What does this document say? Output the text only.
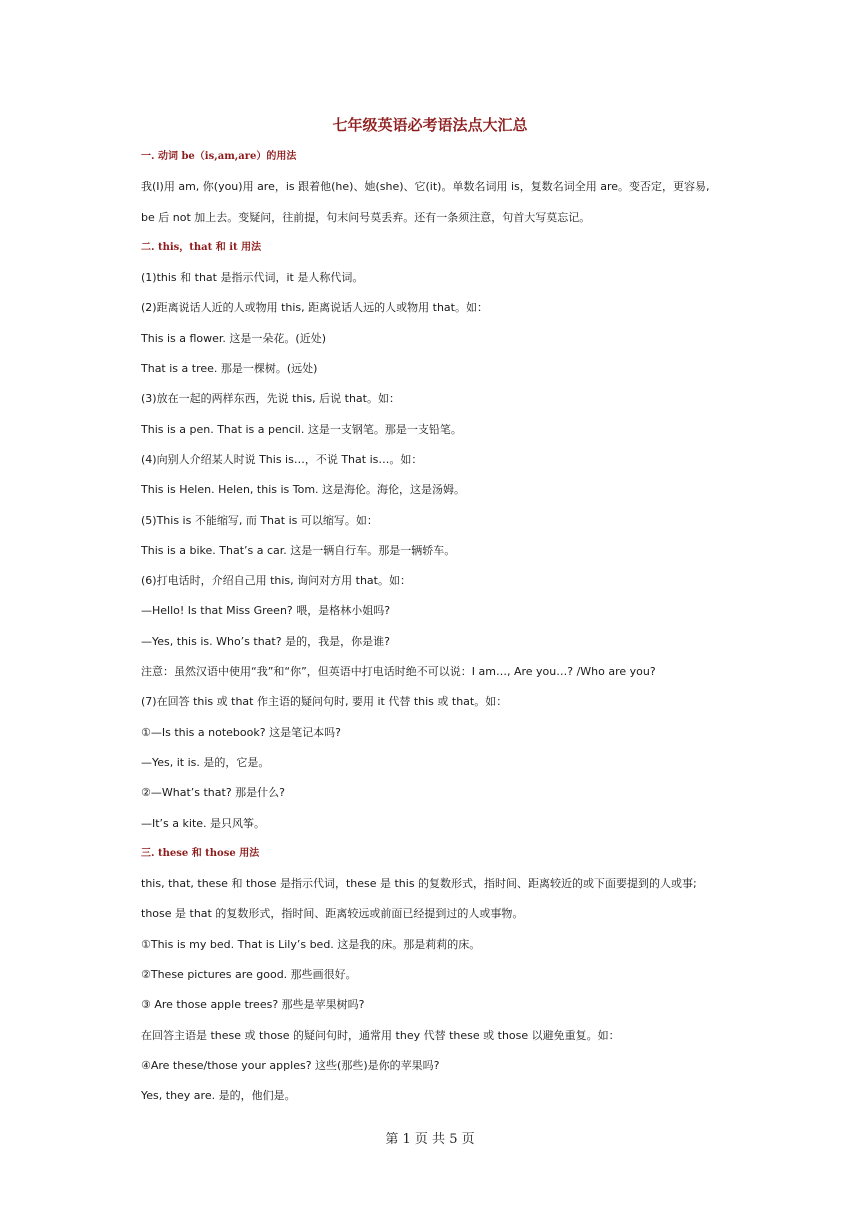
七年级英语必考语法点大汇总
一. 动词 be（is,am,are）的用法
我(I)用 am, 你(you)用 are，is 跟着他(he)、她(she)、它(it)。单数名词用 is，复数名词全用 are。变否定，更容易,
be 后 not 加上去。变疑问，往前提，句末问号莫丢弃。还有一条须注意，句首大写莫忘记。
二. this，that 和 it 用法
(1)this 和 that 是指示代词，it 是人称代词。
(2)距离说话人近的人或物用 this, 距离说话人远的人或物用 that。如：
This is a flower. 这是一朵花。(近处)
That is a tree. 那是一棵树。(远处)
(3)放在一起的两样东西，先说 this, 后说 that。如：
This is a pen. That is a pencil. 这是一支钢笔。那是一支铅笔。
(4)向别人介绍某人时说 This is…，不说 That is…。如：
This is Helen. Helen, this is Tom. 这是海伦。海伦，这是汤姆。
(5)This is 不能缩写, 而 That is 可以缩写。如：
This is a bike. That’s a car. 这是一辆自行车。那是一辆轿车。
(6)打电话时，介绍自己用 this, 询问对方用 that。如：
—Hello! Is that Miss Green? 喂，是格林小姐吗?
—Yes, this is. Who’s that? 是的，我是，你是谁?
注意：虽然汉语中使用“我”和“你”，但英语中打电话时绝不可以说：I am…, Are you…? /Who are you?
(7)在回答 this 或 that 作主语的疑问句时, 要用 it 代替 this 或 that。如：
①—Is this a notebook? 这是笔记本吗?
—Yes, it is. 是的，它是。
②—What’s that? 那是什么?
—It’s a kite. 是只风筝。
三. these 和 those 用法
this, that, these 和 those 是指示代词，these 是 this 的复数形式，指时间、距离较近的或下面要提到的人或事;
those 是 that 的复数形式，指时间、距离较远或前面已经提到过的人或事物。
①This is my bed. That is Lily’s bed. 这是我的床。那是莉莉的床。
②These pictures are good. 那些画很好。
③ Are those apple trees? 那些是苹果树吗?
在回答主语是 these 或 those 的疑问句时，通常用 they 代替 these 或 those 以避免重复。如：
④Are these/those your apples? 这些(那些)是你的苹果吗?
Yes, they are. 是的，他们是。
第 1 页 共 5 页
